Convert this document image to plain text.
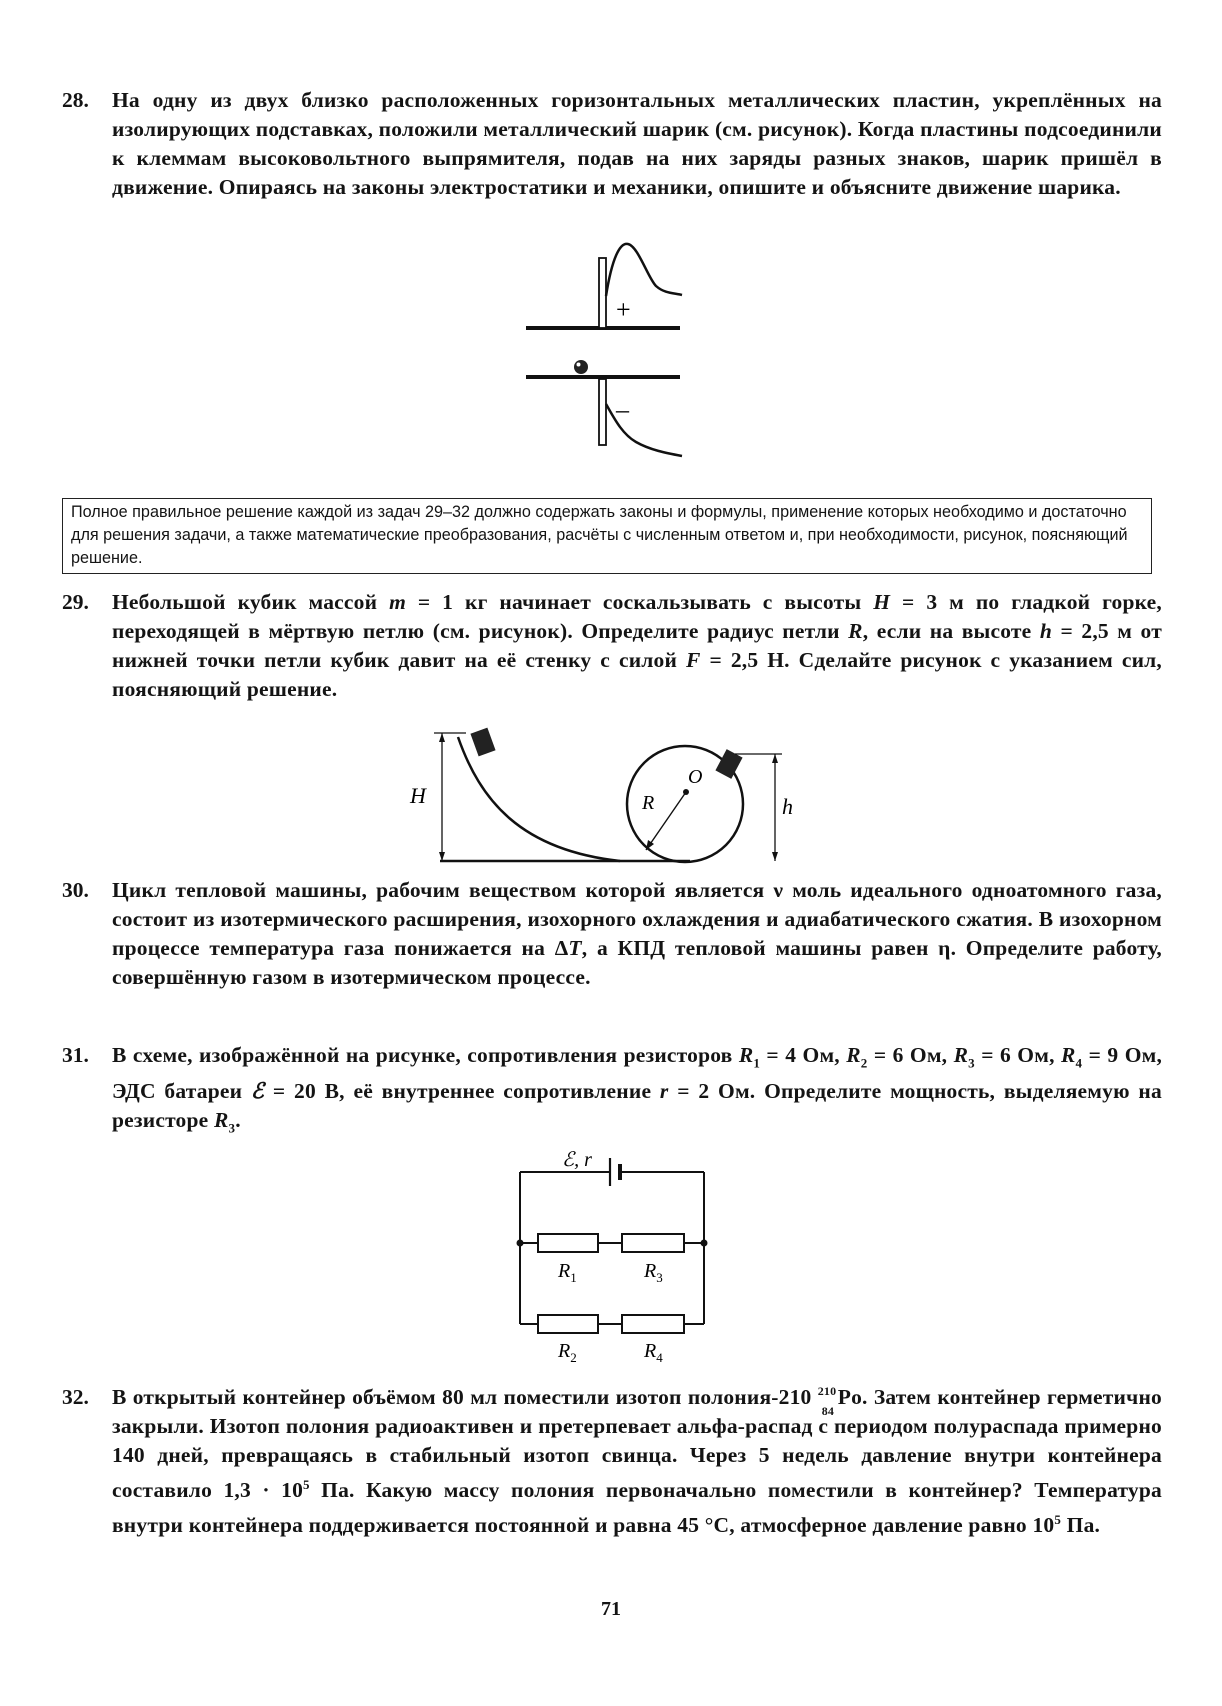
28. На одну из двух близко расположенных горизонтальных металлических пластин, укреплённых на изолирующих подставках, положили металлический шарик (см. рисунок). Когда пластины подсоединили к клеммам высоковольтного выпрямителя, подав на них заряды разных знаков, шарик пришёл в движение. Опираясь на законы электростатики и механики, опишите и объясните движение шарика.
+
–
Полное правильное решение каждой из задач 29–32 должно содержать законы и формулы, применение которых необходимо и достаточно для решения задачи, а также математические преобразования, расчёты с численным ответом и, при необходимости, рисунок, поясняющий решение.
29. Небольшой кубик массой m = 1 кг начинает соскальзывать с высоты H = 3 м по гладкой горке, переходящей в мёртвую петлю (см. рисунок). Определите радиус петли R, если на высоте h = 2,5 м от нижней точки петли кубик давит на её стенку с силой F = 2,5 Н. Сделайте рисунок с указанием сил, поясняющий решение.
H
O
R	h
30. Цикл тепловой машины, рабочим веществом которой является ν моль идеального одноатомного газа, состоит из изотермического расширения, изохорного охлаждения и адиабатического сжатия. В изохорном процессе температура газа понижается на ΔT, а КПД тепловой машины равен η. Определите работу, совершённую газом в изотермическом процессе.
31. В схеме, изображённой на рисунке, сопротивления резисторов $R_1 = 4$ Ом, $R_2 = 6$ Ом, $R_3 = 6$ Ом, $R_4 = 9$ Ом, ЭДС батареи ℰ = 20 В, её внутреннее сопротивление r = 2 Ом. Определите мощность, выделяемую на резисторе $R_3$.
ℰ, r
$R_1$	$R_3$
$R_2$	$R_4$
32. В открытый контейнер объёмом 80 мл поместили изотоп полония-210 210
84
Po. Затем контейнер герметично закрыли. Изотоп полония радиоактивен и претерпевает альфа-распад с периодом полураспада примерно 140 дней, превращаясь в стабильный изотоп свинца. Через 5 недель давление внутри контейнера составило $1,3 \cdot 10^5$ Па. Какую массу полония первоначально поместили в контейнер? Температура внутри контейнера поддерживается постоянной и равна 45 °С, атмосферное давление равно $10^5$ Па.
71
